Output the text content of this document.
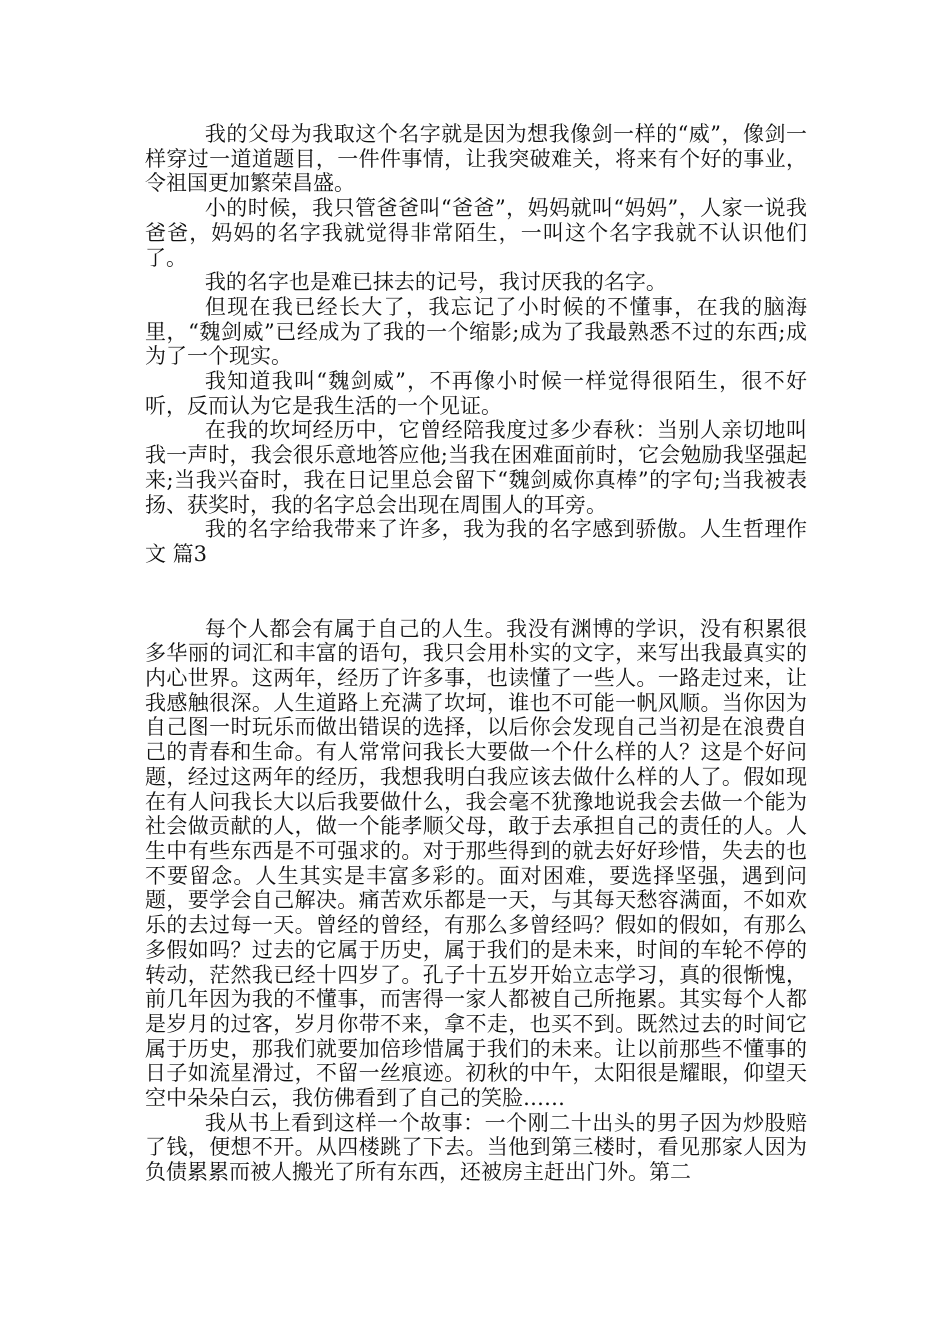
我的父母为我取这个名字就是因为想我像剑一样的“威”，像剑一样穿过一道道题目，一件件事情，让我突破难关，将来有个好的事业，令祖国更加繁荣昌盛。

小的时候，我只管爸爸叫“爸爸”，妈妈就叫“妈妈”，人家一说我爸爸，妈妈的名字我就觉得非常陌生，一叫这个名字我就不认识他们了。

我的名字也是难已抹去的记号，我讨厌我的名字。

但现在我已经长大了，我忘记了小时候的不懂事，在我的脑海里，“魏剑威”已经成为了我的一个缩影;成为了我最熟悉不过的东西;成为了一个现实。

我知道我叫“魏剑威”，不再像小时候一样觉得很陌生，很不好听，反而认为它是我生活的一个见证。

在我的坎坷经历中，它曾经陪我度过多少春秋：当别人亲切地叫我一声时，我会很乐意地答应他;当我在困难面前时，它会勉励我坚强起来;当我兴奋时，我在日记里总会留下“魏剑威你真棒”的字句;当我被表扬、获奖时，我的名字总会出现在周围人的耳旁。

我的名字给我带来了许多，我为我的名字感到骄傲。人生哲理作文 篇3

每个人都会有属于自己的人生。我没有渊博的学识，没有积累很多华丽的词汇和丰富的语句，我只会用朴实的文字，来写出我最真实的内心世界。这两年，经历了许多事，也读懂了一些人。一路走过来，让我感触很深。人生道路上充满了坎坷，谁也不可能一帆风顺。当你因为自己图一时玩乐而做出错误的选择，以后你会发现自己当初是在浪费自己的青春和生命。有人常常问我长大要做一个什么样的人？这是个好问题，经过这两年的经历，我想我明白我应该去做什么样的人了。假如现在有人问我长大以后我要做什么，我会毫不犹豫地说我会去做一个能为社会做贡献的人，做一个能孝顺父母，敢于去承担自己的责任的人。人生中有些东西是不可强求的。对于那些得到的就去好好珍惜，失去的也不要留念。人生其实是丰富多彩的。面对困难，要选择坚强，遇到问题，要学会自己解决。痛苦欢乐都是一天，与其每天愁容满面，不如欢乐的去过每一天。曾经的曾经，有那么多曾经吗？假如的假如，有那么多假如吗？过去的它属于历史，属于我们的是未来，时间的车轮不停的转动，茫然我已经十四岁了。孔子十五岁开始立志学习，真的很惭愧，前几年因为我的不懂事，而害得一家人都被自己所拖累。其实每个人都是岁月的过客，岁月你带不来，拿不走，也买不到。既然过去的时间它属于历史，那我们就要加倍珍惜属于我们的未来。让以前那些不懂事的日子如流星滑过，不留一丝痕迹。初秋的中午，太阳很是耀眼，仰望天空中朵朵白云，我仿佛看到了自己的笑脸……

我从书上看到这样一个故事：一个刚二十出头的男子因为炒股赔了钱，便想不开。从四楼跳了下去。当他到第三楼时，看见那家人因为负债累累而被人搬光了所有东西，还被房主赶出门外。第二
